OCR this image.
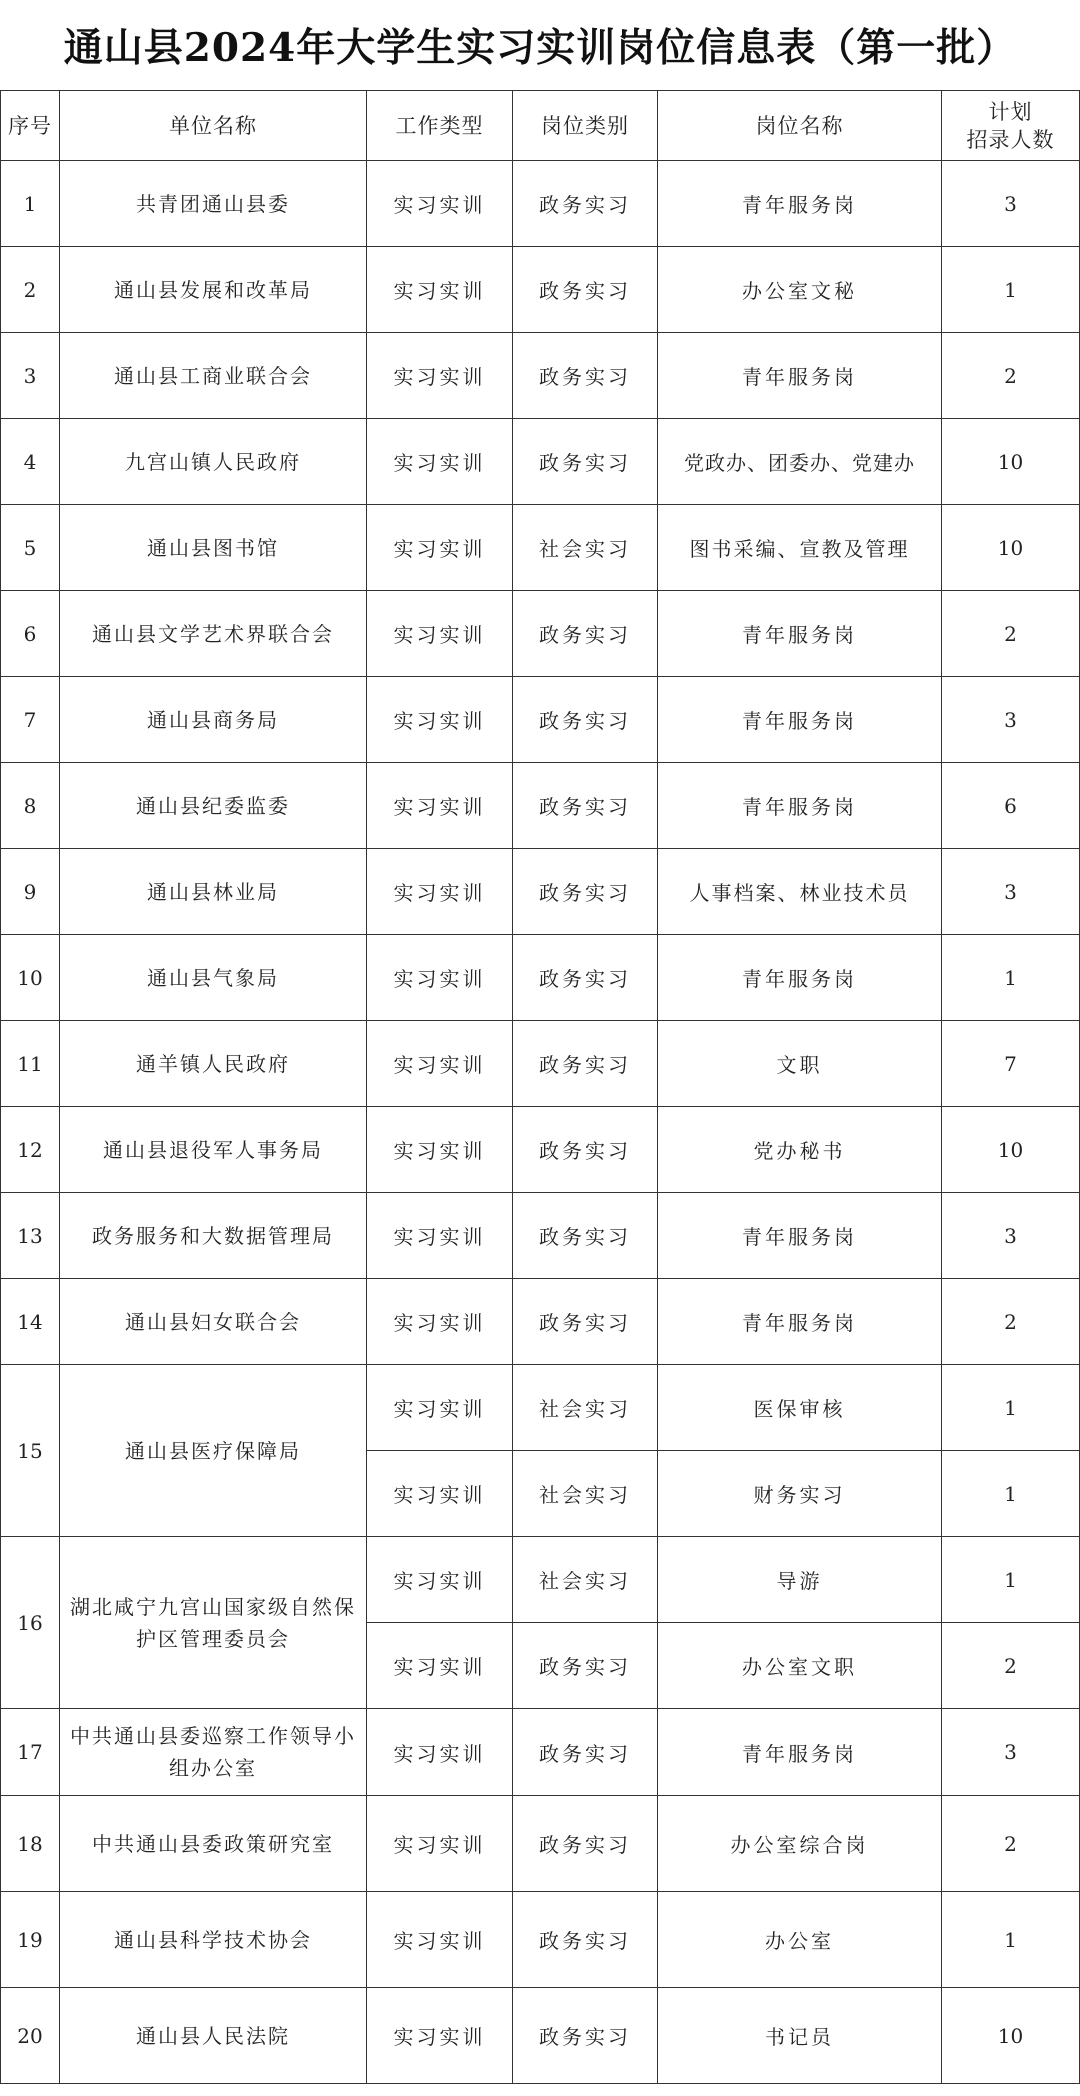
通山县2024年大学生实习实训岗位信息表（第一批）
序号	单位名称	工作类型	岗位类别	岗位名称	计划
招录人数
1	共青团通山县委	实习实训	政务实习	青年服务岗	3
2	通山县发展和改革局	实习实训	政务实习	办公室文秘	1
3	通山县工商业联合会	实习实训	政务实习	青年服务岗	2
4	九宫山镇人民政府	实习实训	政务实习	党政办、团委办、党建办	10
5	通山县图书馆	实习实训	社会实习	图书采编、宣教及管理	10
6	通山县文学艺术界联合会	实习实训	政务实习	青年服务岗	2
7	通山县商务局	实习实训	政务实习	青年服务岗	3
8	通山县纪委监委	实习实训	政务实习	青年服务岗	6
9	通山县林业局	实习实训	政务实习	人事档案、林业技术员	3
10	通山县气象局	实习实训	政务实习	青年服务岗	1
11	通羊镇人民政府	实习实训	政务实习	文职	7
12	通山县退役军人事务局	实习实训	政务实习	党办秘书	10
13	政务服务和大数据管理局	实习实训	政务实习	青年服务岗	3
14	通山县妇女联合会	实习实训	政务实习	青年服务岗	2
15	通山县医疗保障局	实习实训	社会实习	医保审核	1
		实习实训	社会实习	财务实习	1
16	湖北咸宁九宫山国家级自然保护区管理委员会	实习实训	社会实习	导游	1
		实习实训	政务实习	办公室文职	2
17	中共通山县委巡察工作领导小组办公室	实习实训	政务实习	青年服务岗	3
18	中共通山县委政策研究室	实习实训	政务实习	办公室综合岗	2
19	通山县科学技术协会	实习实训	政务实习	办公室	1
20	通山县人民法院	实习实训	政务实习	书记员	10
